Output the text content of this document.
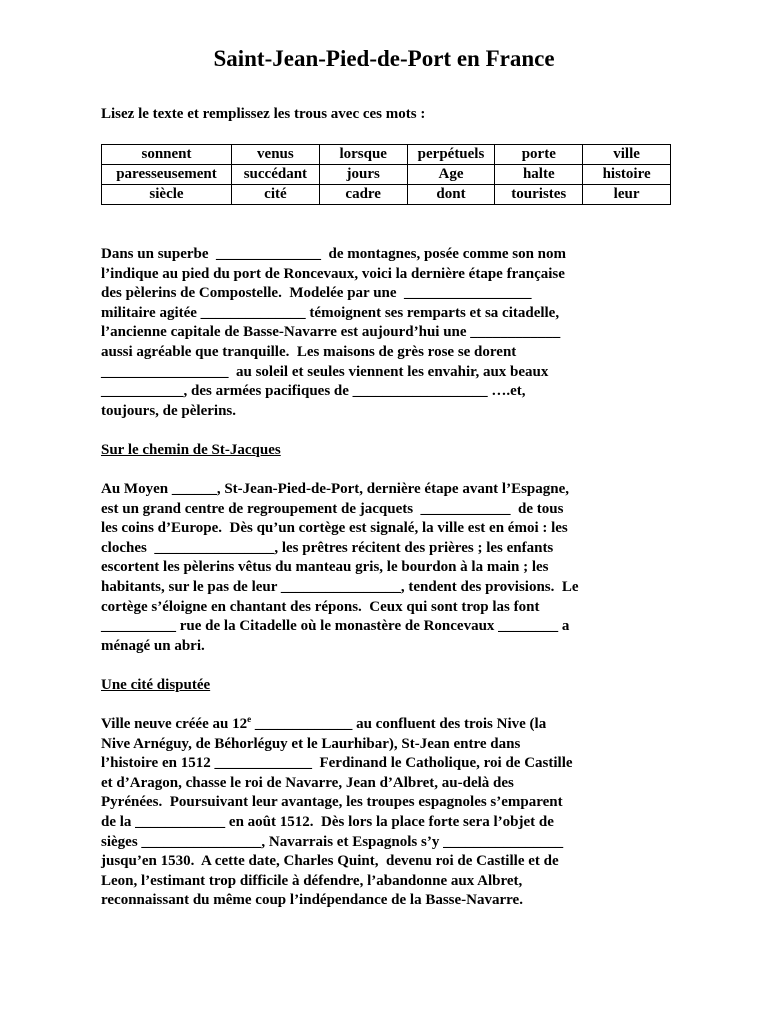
Saint-Jean-Pied-de-Port en France

Lisez le texte et remplissez les trous avec ces mots :

sonnent	venus	lorsque	perpétuels	porte	ville
paresseusement	succédant	jours	Age	halte	histoire
siècle	cité	cadre	dont	touristes	leur
Dans un superbe  ______________  de montagnes, posée comme son nom
l’indique au pied du port de Roncevaux, voici la dernière étape française
des pèlerins de Compostelle.  Modelée par une  _________________
militaire agitée ______________ témoignent ses remparts et sa citadelle,
l’ancienne capitale de Basse-Navarre est aujourd’hui une ____________
aussi agréable que tranquille.  Les maisons de grès rose se dorent
_________________  au soleil et seules viennent les envahir, aux beaux
___________, des armées pacifiques de __________________ ….et,
toujours, de pèlerins.

Sur le chemin de St-Jacques

Au Moyen ______, St-Jean-Pied-de-Port, dernière étape avant l’Espagne,
est un grand centre de regroupement de jacquets  ____________  de tous
les coins d’Europe.  Dès qu’un cortège est signalé, la ville est en émoi : les
cloches  ________________, les prêtres récitent des prières ; les enfants
escortent les pèlerins vêtus du manteau gris, le bourdon à la main ; les
habitants, sur le pas de leur ________________, tendent des provisions.  Le
cortège s’éloigne en chantant des répons.  Ceux qui sont trop las font
__________ rue de la Citadelle où le monastère de Roncevaux ________ a
ménagé un abri.

Une cité disputée

Ville neuve créée au 12e _____________ au confluent des trois Nive (la
Nive Arnéguy, de Béhorléguy et le Laurhibar), St-Jean entre dans
l’histoire en 1512 _____________  Ferdinand le Catholique, roi de Castille
et d’Aragon, chasse le roi de Navarre, Jean d’Albret, au-delà des
Pyrénées.  Poursuivant leur avantage, les troupes espagnoles s’emparent
de la ____________ en août 1512.  Dès lors la place forte sera l’objet de
sièges ________________, Navarrais et Espagnols s’y ________________
jusqu’en 1530.  A cette date, Charles Quint,  devenu roi de Castille et de
Leon, l’estimant trop difficile à défendre, l’abandonne aux Albret,
reconnaissant du même coup l’indépendance de la Basse-Navarre.
